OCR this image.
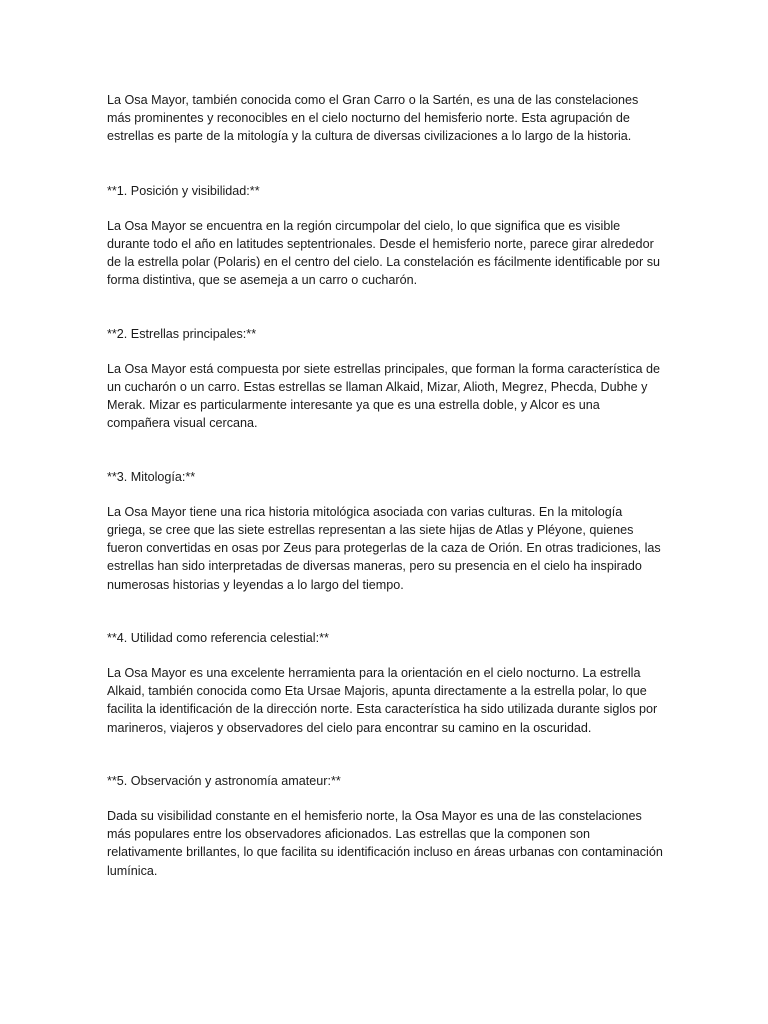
La Osa Mayor, también conocida como el Gran Carro o la Sartén, es una de las constelaciones más prominentes y reconocibles en el cielo nocturno del hemisferio norte. Esta agrupación de estrellas es parte de la mitología y la cultura de diversas civilizaciones a lo largo de la historia.

**1. Posición y visibilidad:**

La Osa Mayor se encuentra en la región circumpolar del cielo, lo que significa que es visible durante todo el año en latitudes septentrionales. Desde el hemisferio norte, parece girar alrededor de la estrella polar (Polaris) en el centro del cielo. La constelación es fácilmente identificable por su forma distintiva, que se asemeja a un carro o cucharón.

**2. Estrellas principales:**

La Osa Mayor está compuesta por siete estrellas principales, que forman la forma característica de un cucharón o un carro. Estas estrellas se llaman Alkaid, Mizar, Alioth, Megrez, Phecda, Dubhe y Merak. Mizar es particularmente interesante ya que es una estrella doble, y Alcor es una compañera visual cercana.

**3. Mitología:**

La Osa Mayor tiene una rica historia mitológica asociada con varias culturas. En la mitología griega, se cree que las siete estrellas representan a las siete hijas de Atlas y Pléyone, quienes fueron convertidas en osas por Zeus para protegerlas de la caza de Orión. En otras tradiciones, las estrellas han sido interpretadas de diversas maneras, pero su presencia en el cielo ha inspirado numerosas historias y leyendas a lo largo del tiempo.

**4. Utilidad como referencia celestial:**

La Osa Mayor es una excelente herramienta para la orientación en el cielo nocturno. La estrella Alkaid, también conocida como Eta Ursae Majoris, apunta directamente a la estrella polar, lo que facilita la identificación de la dirección norte. Esta característica ha sido utilizada durante siglos por marineros, viajeros y observadores del cielo para encontrar su camino en la oscuridad.

**5. Observación y astronomía amateur:**

Dada su visibilidad constante en el hemisferio norte, la Osa Mayor es una de las constelaciones más populares entre los observadores aficionados. Las estrellas que la componen son relativamente brillantes, lo que facilita su identificación incluso en áreas urbanas con contaminación lumínica.
